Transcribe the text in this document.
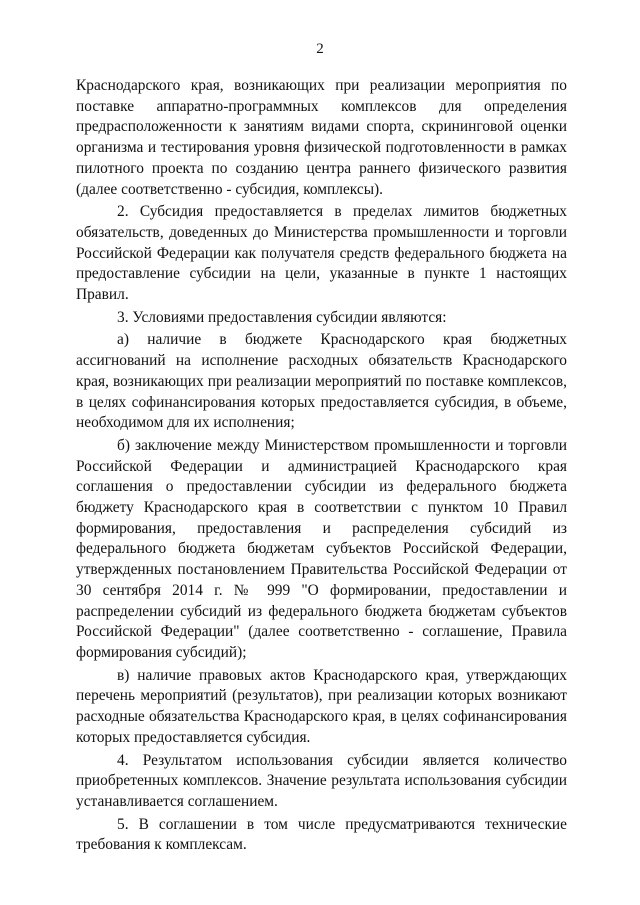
2

Краснодарского края, возникающих при реализации мероприятия по поставке аппаратно-программных комплексов для определения предрасположенности к занятиям видами спорта, скрининговой оценки организма и тестирования уровня физической подготовленности в рамках пилотного проекта по созданию центра раннего физического развития (далее соответственно - субсидия, комплексы).

2. Субсидия предоставляется в пределах лимитов бюджетных обязательств, доведенных до Министерства промышленности и торговли Российской Федерации как получателя средств федерального бюджета на предоставление субсидии на цели, указанные в пункте 1 настоящих Правил.

3. Условиями предоставления субсидии являются:

а) наличие в бюджете Краснодарского края бюджетных ассигнований на исполнение расходных обязательств Краснодарского края, возникающих при реализации мероприятий по поставке комплексов, в целях софинансирования которых предоставляется субсидия, в объеме, необходимом для их исполнения;

б) заключение между Министерством промышленности и торговли Российской Федерации и администрацией Краснодарского края соглашения о предоставлении субсидии из федерального бюджета бюджету Краснодарского края в соответствии с пунктом 10 Правил формирования, предоставления и распределения субсидий из федерального бюджета бюджетам субъектов Российской Федерации, утвержденных постановлением Правительства Российской Федерации от 30 сентября 2014 г. № 999 "О формировании, предоставлении и распределении субсидий из федерального бюджета бюджетам субъектов Российской Федерации" (далее соответственно - соглашение, Правила формирования субсидий);

в) наличие правовых актов Краснодарского края, утверждающих перечень мероприятий (результатов), при реализации которых возникают расходные обязательства Краснодарского края, в целях софинансирования которых предоставляется субсидия.

4. Результатом использования субсидии является количество приобретенных комплексов. Значение результата использования субсидии устанавливается соглашением.

5. В соглашении в том числе предусматриваются технические требования к комплексам.
